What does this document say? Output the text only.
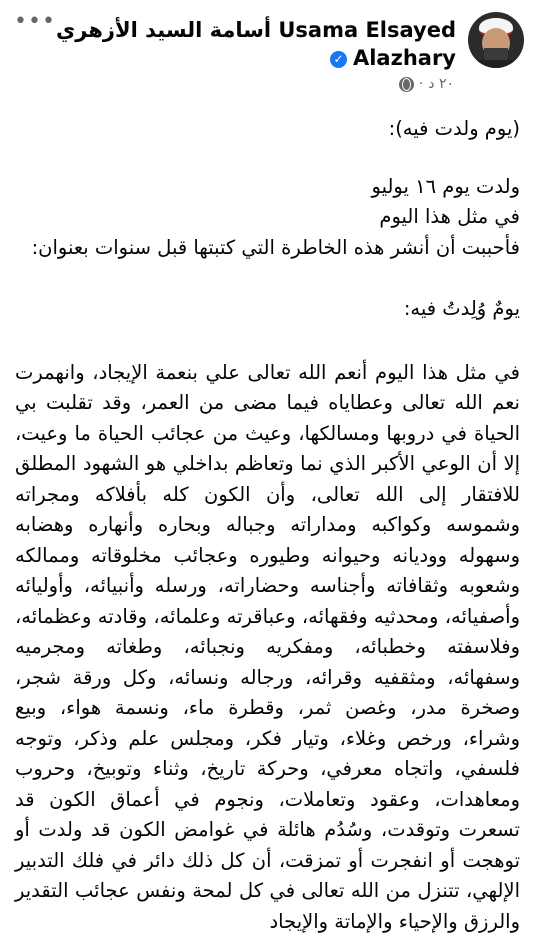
••• أسامة السيد الأزهري Usama Elsayed
✓ Alazhary
٢٠ د
·

(يوم ولدت فيه):

ولدت يوم ١٦ يوليو

في مثل هذا اليوم

فأحببت أن أنشر هذه الخاطرة التي كتبتها قبل سنوات بعنوان:

يومٌ وُلِدتُ فيه:

في مثل هذا اليوم أنعم الله تعالى علي بنعمة الإيجاد، وانهمرت نعم الله تعالى وعطاياه فيما مضى من العمر، وقد تقلبت بي الحياة في دروبها ومسالكها، وعيث من عجائب الحياة ما وعيت، إلا أن الوعي الأكبر الذي نما وتعاظم بداخلي هو الشهود المطلق للافتقار إلى الله تعالى، وأن الكون كله بأفلاكه ومجراته وشموسه وكواكبه ومداراته وجباله وبحاره وأنهاره وهضابه وسهوله ووديانه وحيوانه وطيوره وعجائب مخلوقاته وممالكه وشعوبه وثقافاته وأجناسه وحضاراته، ورسله وأنبيائه، وأوليائه وأصفيائه، ومحدثيه وفقهائه، وعباقرته وعلمائه، وقادته وعظمائه، وفلاسفته وخطبائه، ومفكريه ونجبائه، وطغاته ومجرميه وسفهائه، ومثقفيه وقرائه، ورجاله ونسائه، وكل ورقة شجر، وصخرة مدر، وغصن ثمر، وقطرة ماء، ونسمة هواء، وبيع وشراء، ورخص وغلاء، وتيار فكر، ومجلس علم وذكر، وتوجه فلسفي، واتجاه معرفي، وحركة تاريخ، وثناء وتوبيخ، وحروب ومعاهدات، وعقود وتعاملات، ونجوم في أعماق الكون قد تسعرت وتوقدت، وسُدُم هائلة في غوامض الكون قد ولدت أو توهجت أو انفجرت أو تمزقت، أن كل ذلك دائر في فلك التدبير الإلهي، تتنزل من الله تعالى في كل لمحة ونفس عجائب التقدير والرزق والإحياء والإماتة والإيجاد
